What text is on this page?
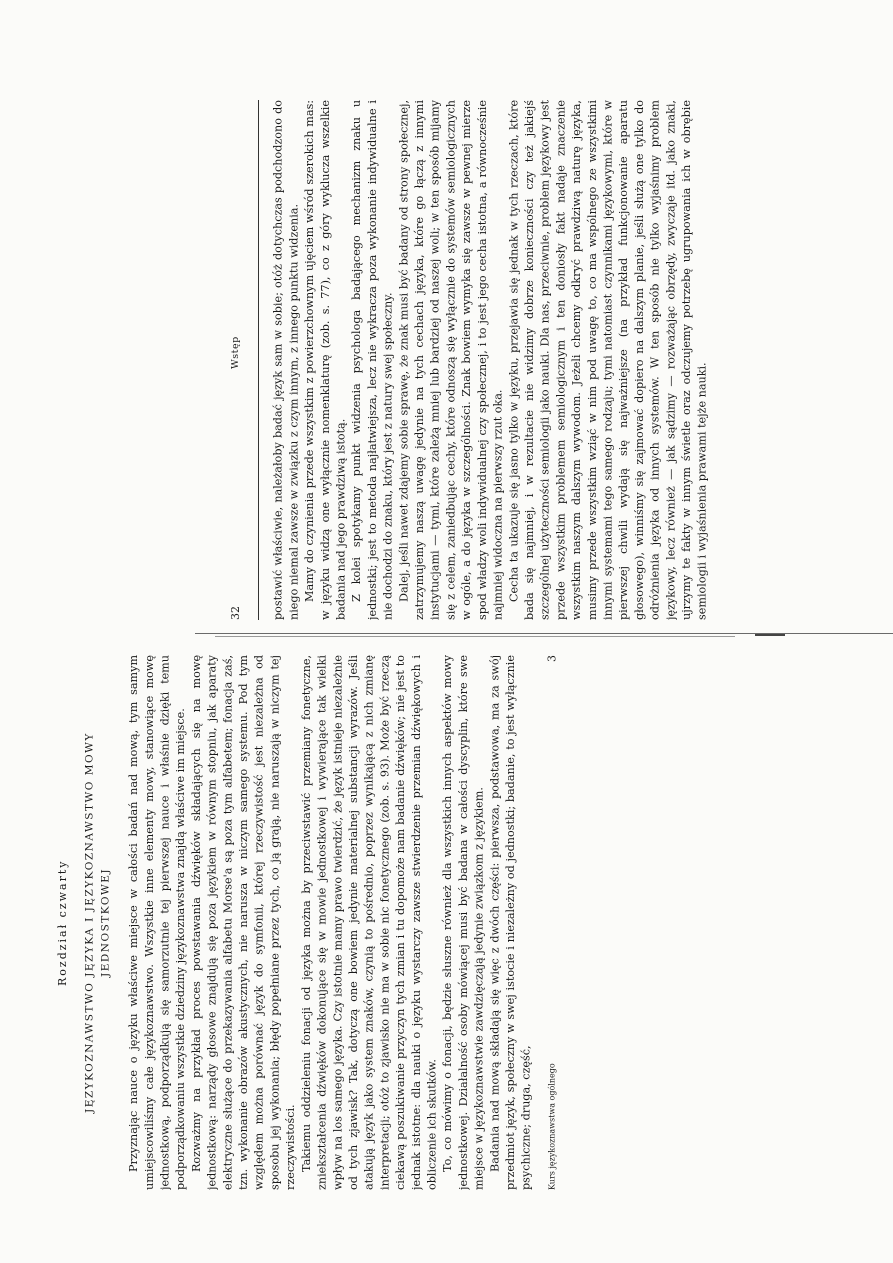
32
Wstęp	postawić właściwie, należałoby badać język sam w sobie; otóż dotychczas podchodzono do niego niemal zawsze w związku z czym innym, z innego punktu widzenia. Mamy do czynienia przede wszystkim z powierzchownym ujęciem wśród szerokich mas: w języku widzą one wyłącznie nomenklaturę (zob. s. 77), co z góry wyklucza wszelkie badania nad jego prawdziwą istotą. Z kolei spotykamy punkt widzenia psychologa badającego mechanizm znaku u jednostki; jest to metoda najłatwiejsza, lecz nie wykracza poza wykonanie indywidualne i nie dochodzi do znaku, który jest z natury swej społeczny. Dalej, jeśli nawet zdajemy sobie sprawę, że znak musi być badany od strony społecznej, zatrzymujemy naszą uwagę jedynie na tych cechach języka, które go łączą z innymi instytucjami — tymi, które zależą mniej lub bardziej od naszej woli; w ten sposób mijamy się z celem, zaniedbując cechy, które odnoszą się wyłącznie do systemów semiologicznych w ogóle, a do języka w szczególności. Znak bowiem wymyka się zawsze w pewnej mierze spod władzy woli indywidualnej czy społecznej, i to jest jego cecha istotna, a równocześnie najmniej widoczna na pierwszy rzut oka. Cecha ta ukazuje się jasno tylko w języku, przejawia się jednak w tych rzeczach, które bada się najmniej, i w rezultacie nie widzimy dobrze konieczności czy też jakiejś szczególnej użyteczności semiologii jako nauki. Dla nas, przeciwnie, problem językowy jest przede wszystkim problemem semiologicznym i ten doniosły fakt nadaje znaczenie wszystkim naszym dalszym wywodom. Jeżeli chcemy odkryć prawdziwą naturę języka, musimy przede wszystkim wziąć w nim pod uwagę to, co ma wspólnego ze wszystkimi innymi systemami tego samego rodzaju; tymi natomiast czynnikami językowymi, które w pierwszej chwili wydają się najważniejsze (na przykład funkcjonowanie aparatu głosowego), winniśmy się zajmować dopiero na dalszym planie, jeśli służą one tylko do odróżnienia języka od innych systemów. W ten sposób nie tylko wyjaśnimy problem językowy, lecz również — jak sądzimy — rozważając obrzędy, zwyczaje itd. jako znaki, ujrzymy te fakty w innym świetle oraz odczujemy potrzebę ugrupowania ich w obrębie semiologii i wyjaśnienia prawami tejże nauki.

Rozdział czwarty JĘZYKOZNAWSTWO JĘZYKA I JĘZYKOZNAWSTWO MOWY JEDNOSTKOWEJ Przyznając nauce o języku właściwe miejsce w całości badań nad mową, tym samym umiejscowiliśmy całe językoznawstwo. Wszystkie inne elementy mowy, stanowiące mowę jednostkową, podporządkują się samorzutnie tej pierwszej nauce i właśnie dzięki temu podporządkowaniu wszystkie dziedziny językoznawstwa znajdą właściwe im miejsce. Rozważmy na przykład proces powstawania dźwięków składających się na mowę jednostkową: narządy głosowe znajdują się poza językiem w równym stopniu, jak aparaty elektryczne służące do przekazywania alfabetu Morse'a są poza tym alfabetem; fonacja zaś, tzn. wykonanie obrazów akustycznych, nie narusza w niczym samego systemu. Pod tym względem można porównać język do symfonii, której rzeczywistość jest niezależna od sposobu jej wykonania; błędy popełniane przez tych, co ją grają, nie naruszają w niczym tej rzeczywistości. Takiemu oddzieleniu fonacji od języka można by przeciwstawić przemiany fonetyczne, zniekształcenia dźwięków dokonujące się w mowie jednostkowej i wywierające tak wielki wpływ na los samego języka. Czy istotnie mamy prawo twierdzić, że język istnieje niezależnie od tych zjawisk? Tak, dotyczą one bowiem jedynie materialnej substancji wyrazów. Jeśli atakują język jako system znaków, czynią to pośrednio, poprzez wynikającą z nich zmianę interpretacji; otóż to zjawisko nie ma w sobie nic fonetycznego (zob. s. 93). Może być rzeczą ciekawą poszukiwanie przyczyn tych zmian i tu dopomoże nam badanie dźwięków; nie jest to jednak istotne: dla nauki o języku wystarczy zawsze stwierdzenie przemian dźwiękowych i obliczenie ich skutków. To, co mówimy o fonacji, będzie słuszne również dla wszystkich innych aspektów mowy jednostkowej. Działalność osoby mówiącej musi być badana w całości dyscyplin, które swe miejsce w językoznawstwie zawdzięczają jedynie związkom z językiem. Badania nad mową składają się więc z dwóch części: pierwsza, podstawowa, ma za swój przedmiot język, społeczny w swej istocie i niezależny od jednostki; badanie, to jest wyłącznie psychiczne; druga, część,	Kurs językoznawstwa ogólnego
3
